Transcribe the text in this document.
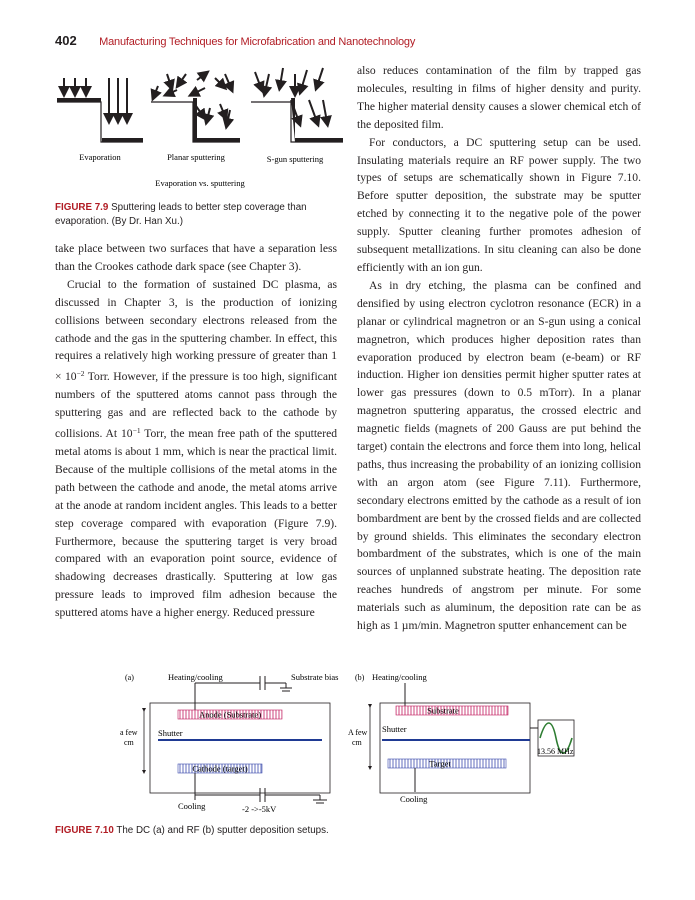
402 Manufacturing Techniques for Microfabrication and Nanotechnology
Evaporation	Planar sputtering	S-gun sputtering
Evaporation vs. sputtering
FIGURE 7.9 Sputtering leads to better step coverage than evaporation. (By Dr. Han Xu.)

take place between two surfaces that have a separation less than the Crookes cathode dark space (see Chapter 3).

Crucial to the formation of sustained DC plasma, as discussed in Chapter 3, is the production of ionizing collisions between secondary electrons released from the cathode and the gas in the sputtering chamber. In effect, this requires a relatively high working pressure of greater than $1 \times 10^{-2}$ Torr. However, if the pressure is too high, significant numbers of the sputtered atoms cannot pass through the sputtering gas and are reflected back to the cathode by collisions. At $10^{-1}$ Torr, the mean free path of the sputtered metal atoms is about 1 mm, which is near the practical limit. Because of the multiple collisions of the metal atoms in the path between the cathode and anode, the metal atoms arrive at the anode at random incident angles. This leads to a better step coverage compared with evaporation (Figure 7.9). Furthermore, because the sputtering target is very broad compared with an evaporation point source, evidence of shadowing decreases drastically. Sputtering at low gas pressure leads to improved film adhesion because the sputtered atoms have a higher energy. Reduced pressure

also reduces contamination of the film by trapped gas molecules, resulting in films of higher density and purity. The higher material density causes a slower chemical etch of the deposited film.

For conductors, a DC sputtering setup can be used. Insulating materials require an RF power supply. The two types of setups are schematically shown in Figure 7.10. Before sputter deposition, the substrate may be sputter etched by connecting it to the negative pole of the power supply. Sputter cleaning further promotes adhesion of subsequent metallizations. In situ cleaning can also be done efficiently with an ion gun.

As in dry etching, the plasma can be confined and densified by using electron cyclotron resonance (ECR) in a planar or cylindrical magnetron or an S-gun using a conical magnetron, which produces higher deposition rates than evaporation produced by electron beam (e-beam) or RF induction. Higher ion densities permit higher sputter rates at lower gas pressures (down to 0.5 mTorr). In a planar magnetron sputtering apparatus, the crossed electric and magnetic fields (magnets of 200 Gauss are put behind the target) contain the electrons and force them into long, helical paths, thus increasing the probability of an ionizing collision with an argon atom (see Figure 7.11). Furthermore, secondary electrons emitted by the cathode as a result of ion bombardment are bent by the crossed fields and are collected by ground shields. This eliminates the secondary electron bombardment of the substrates, which is one of the main sources of unplanned substrate heating. The deposition rate reaches hundreds of angstrom per minute. For some materials such as aluminum, the deposition rate can be as high as 1 µm/min. Magnetron sputter enhancement can be

(a)	Heating/cooling	Substrate bias
Anode (Substrate)
Shutter
Cathode (target)
a few
cm
Cooling	-2 ->-5kV
(b) Heating/cooling
Substrate
Shutter
Target
A few
cm
Cooling
13.56 MHz
FIGURE 7.10 The DC (a) and RF (b) sputter deposition setups.
